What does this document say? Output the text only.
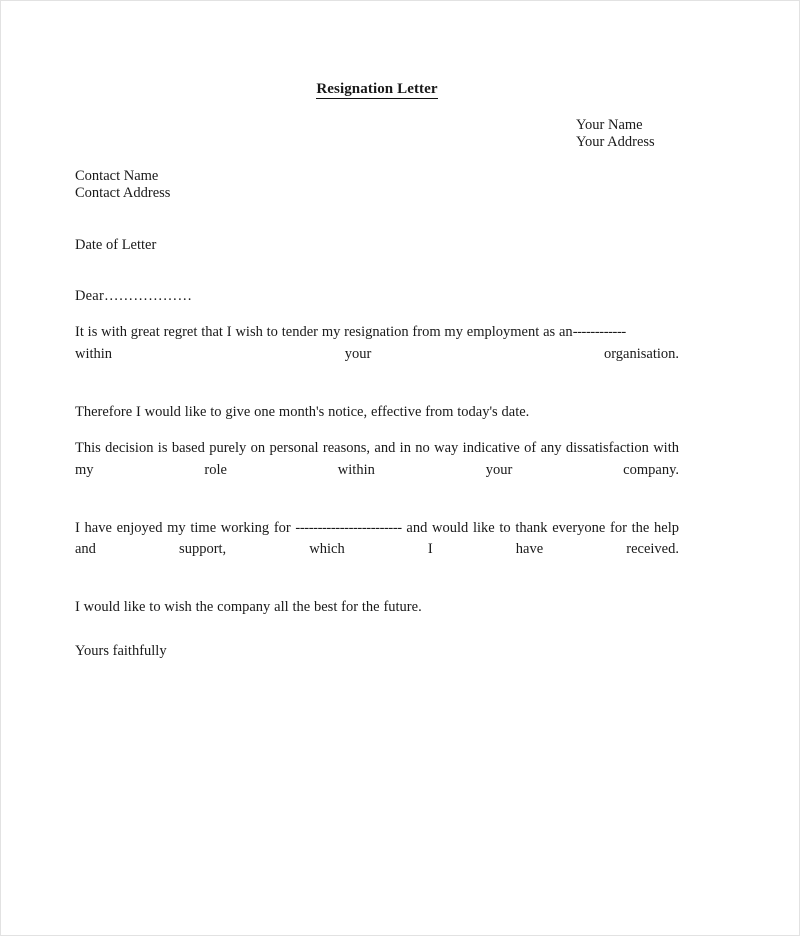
Resignation Letter
Your Name
Your Address
Contact Name
Contact Address
Date of Letter
Dear………………

It is with great regret that I wish to tender my resignation from my employment as an------------
within your organisation.

Therefore I would like to give one month's notice, effective from today's date.

This decision is based purely on personal reasons, and in no way indicative of any dissatisfaction with my role within your company.

I have enjoyed my time working for ------------------------ and would like to thank everyone for the help and support, which I have received.

I would like to wish the company all the best for the future.

Yours faithfully
